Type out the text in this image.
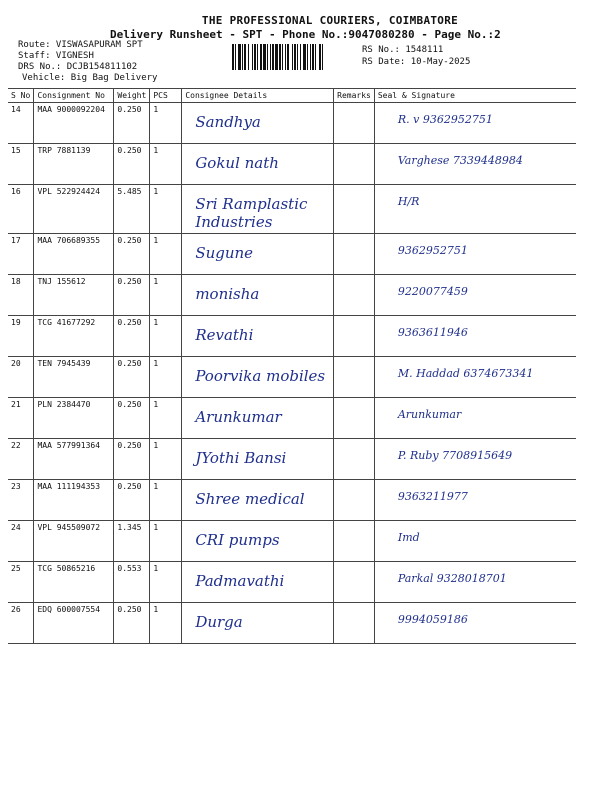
THE PROFESSIONAL COURIERS, COIMBATORE
Delivery Runsheet - SPT - Phone No.:9047080280 - Page No.:2
Route: VISWASAPURAM SPT
Staff: VIGNESH
DRS No.: DCJB154811102
Vehicle: Big Bag Delivery
RS No.: 1548111
RS Date: 10-May-2025
S No	Consignment No	Weight	PCS	Consignee Details	Remarks	Seal & Signature
14	MAA 9000092204	0.250	1	Sandhya		R. v 9362952751

15	TRP 7881139	0.250	1	Gokul nath		Varghese 7339448984

16	VPL 522924424	5.485	1	Sri Ramplastic Industries		H/R

17	MAA 706689355	0.250	1	Sugune		9362952751

18	TNJ 155612	0.250	1	monisha		9220077459

19	TCG 41677292	0.250	1	Revathi		9363611946

20	TEN 7945439	0.250	1	Poorvika mobiles		M. Haddad 6374673341

21	PLN 2384470	0.250	1	Arunkumar		Arunkumar

22	MAA 577991364	0.250	1	JYothi Bansi		P. Ruby 7708915649

23	MAA 111194353	0.250	1	Shree medical		9363211977

24	VPL 945509072	1.345	1	CRI pumps		Imd

25	TCG 50865216	0.553	1	Padmavathi		Parkal 9328018701

26	EDQ 600007554	0.250	1	Durga		9994059186
